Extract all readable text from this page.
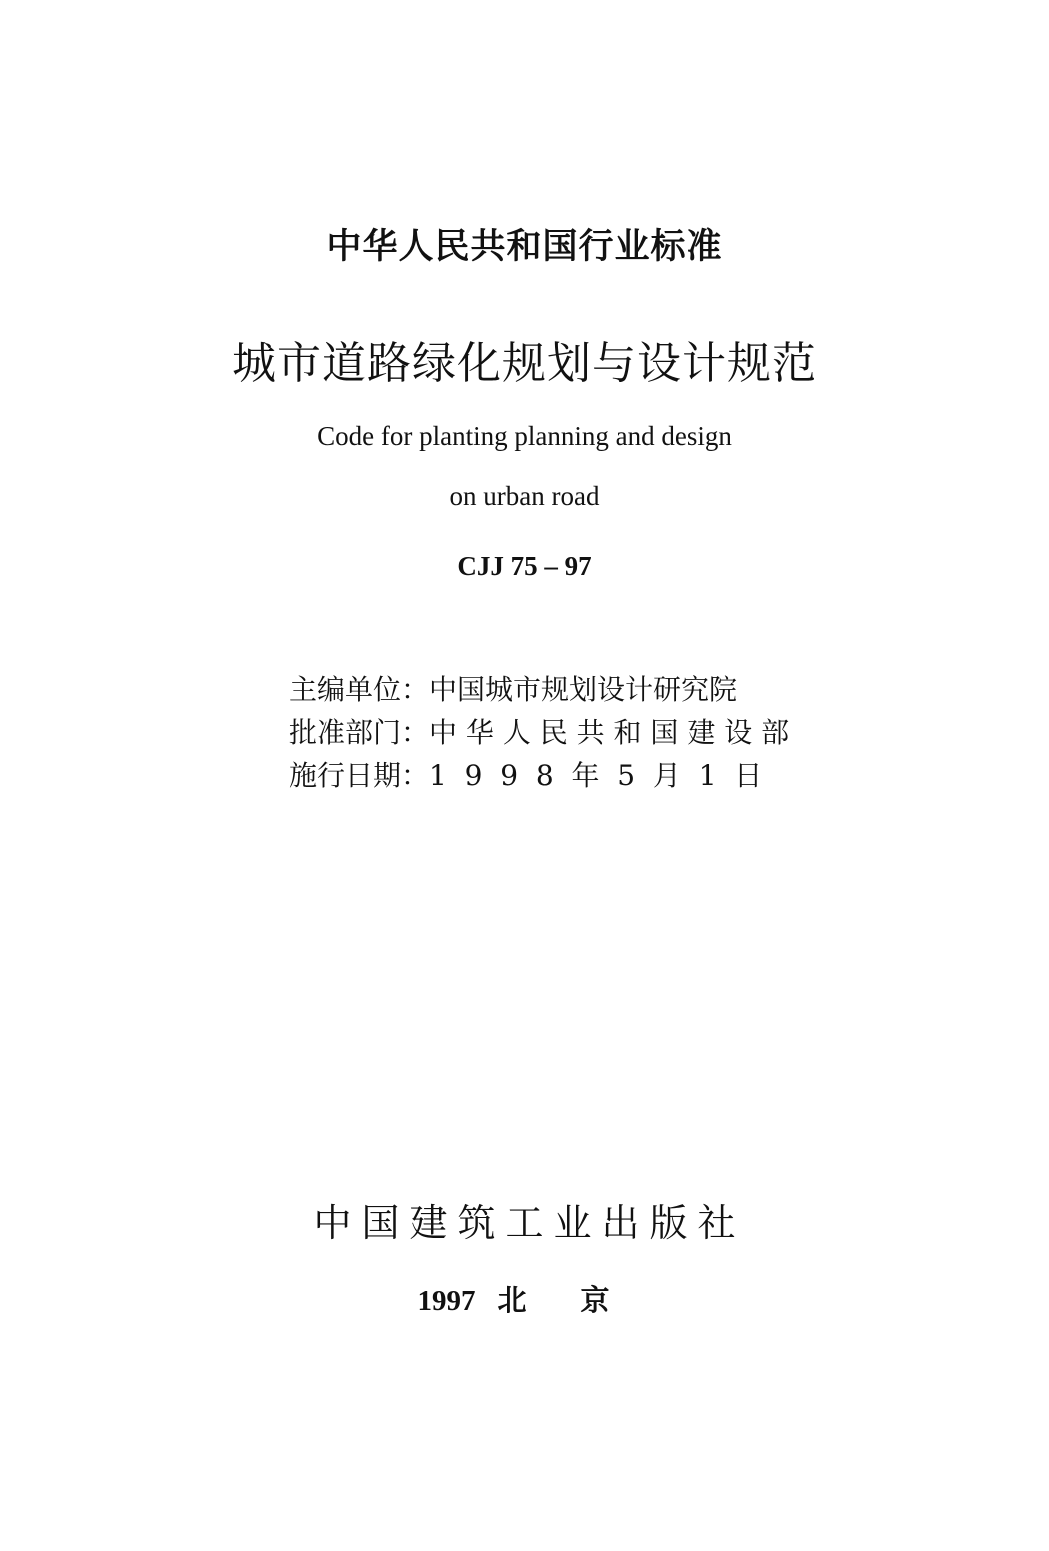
中华人民共和国行业标准
城市道路绿化规划与设计规范
Code for planting planning and design
on urban road
CJJ 75 – 97
主编单位：中国城市规划设计研究院
批准部门：中 华 人 民 共 和 国 建 设 部
施行日期：1  9  9  8  年  5  月  1  日
中国建筑工业出版社
1997 北 京
